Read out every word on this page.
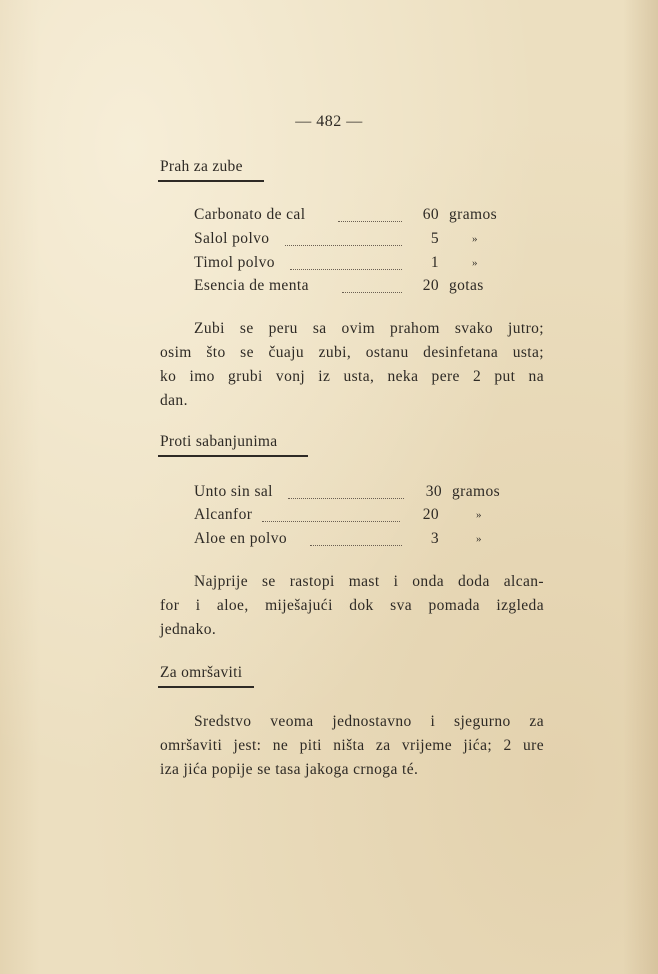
— 482 —
Prah za zube
Carbonato de cal	60 gramos
Salol polvo	5	»
Timol polvo	1	»
Esencia de menta	20 gotas
Zubi se peru sa ovim prahom svako jutro;
osim što se čuaju zubi, ostanu desinfetana usta;
ko imo grubi vonj iz usta, neka pere 2 put na
dan.
Proti sabanjunima
Unto sin sal	30 gramos
Alcanfor	20	»
Aloe en polvo	3	»
Najprije se rastopi mast i onda doda alcan-
for i aloe, miješajući dok sva pomada izgleda
jednako.
Za omršaviti
Sredstvo veoma jednostavno i sjegurno za
omršaviti jest: ne piti ništa za vrijeme jića; 2 ure
iza jića popije se tasa jakoga crnoga té.
